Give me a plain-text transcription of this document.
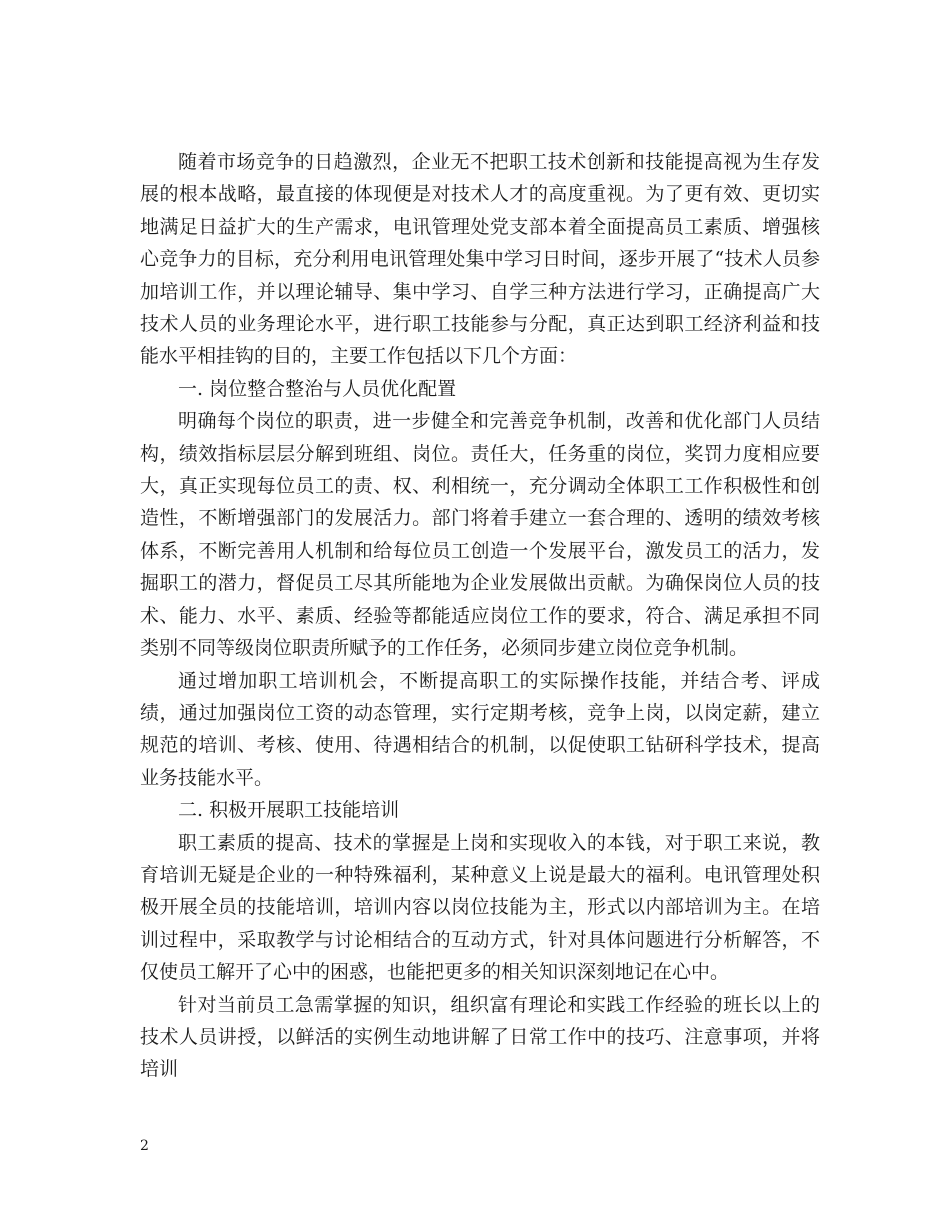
随着市场竞争的日趋激烈，企业无不把职工技术创新和技能提高视为生存发展的根本战略，最直接的体现便是对技术人才的高度重视。为了更有效、更切实地满足日益扩大的生产需求，电讯管理处党支部本着全面提高员工素质、增强核心竞争力的目标，充分利用电讯管理处集中学习日时间，逐步开展了“技术人员参加培训工作，并以理论辅导、集中学习、自学三种方法进行学习，正确提高广大技术人员的业务理论水平，进行职工技能参与分配，真正达到职工经济利益和技能水平相挂钩的目的，主要工作包括以下几个方面：

一. 岗位整合整治与人员优化配置

明确每个岗位的职责，进一步健全和完善竞争机制，改善和优化部门人员结构，绩效指标层层分解到班组、岗位。责任大，任务重的岗位，奖罚力度相应要大，真正实现每位员工的责、权、利相统一，充分调动全体职工工作积极性和创造性，不断增强部门的发展活力。部门将着手建立一套合理的、透明的绩效考核体系，不断完善用人机制和给每位员工创造一个发展平台，激发员工的活力，发掘职工的潜力，督促员工尽其所能地为企业发展做出贡献。为确保岗位人员的技术、能力、水平、素质、经验等都能适应岗位工作的要求，符合、满足承担不同类别不同等级岗位职责所赋予的工作任务，必须同步建立岗位竞争机制。

通过增加职工培训机会，不断提高职工的实际操作技能，并结合考、评成绩，通过加强岗位工资的动态管理，实行定期考核，竞争上岗，以岗定薪，建立规范的培训、考核、使用、待遇相结合的机制，以促使职工钻研科学技术，提高业务技能水平。

二. 积极开展职工技能培训

职工素质的提高、技术的掌握是上岗和实现收入的本钱，对于职工来说，教育培训无疑是企业的一种特殊福利，某种意义上说是最大的福利。电讯管理处积极开展全员的技能培训，培训内容以岗位技能为主，形式以内部培训为主。在培训过程中，采取教学与讨论相结合的互动方式，针对具体问题进行分析解答，不仅使员工解开了心中的困惑，也能把更多的相关知识深刻地记在心中。

针对当前员工急需掌握的知识，组织富有理论和实践工作经验的班长以上的技术人员讲授，以鲜活的实例生动地讲解了日常工作中的技巧、注意事项，并将培训

2
